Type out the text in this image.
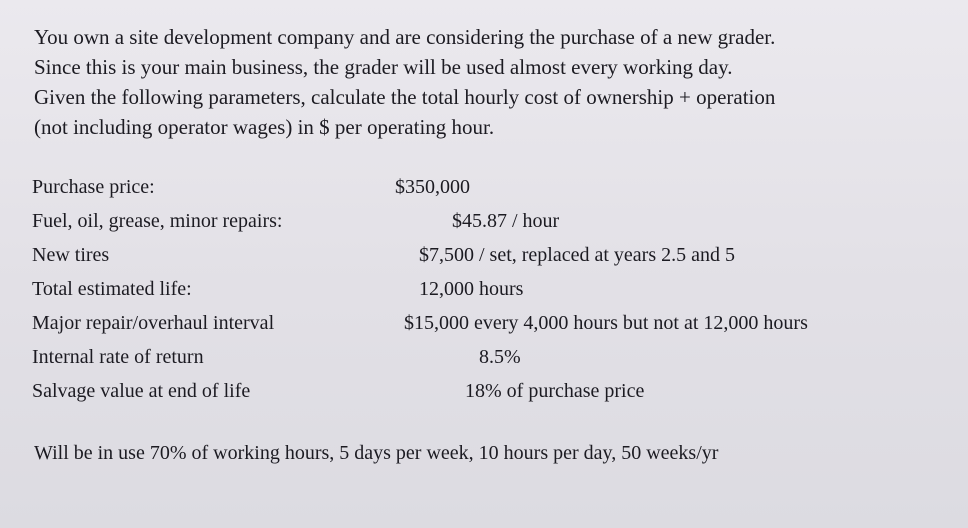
You own a site development company and are considering the purchase of a new grader.
Since this is your main business, the grader will be used almost every working day.
Given the following parameters, calculate the total hourly cost of ownership + operation
(not including operator wages) in $ per operating hour.

Purchase price:	$350,000
Fuel, oil, grease, minor repairs:	$45.87 / hour
New tires	$7,500 / set, replaced at years 2.5 and 5
Total estimated life:	12,000 hours
Major repair/overhaul interval	$15,000 every 4,000 hours but not at 12,000 hours
Internal rate of return	8.5%
Salvage value at end of life	18% of purchase price
Will be in use 70% of working hours, 5 days per week, 10 hours per day, 50 weeks/yr
